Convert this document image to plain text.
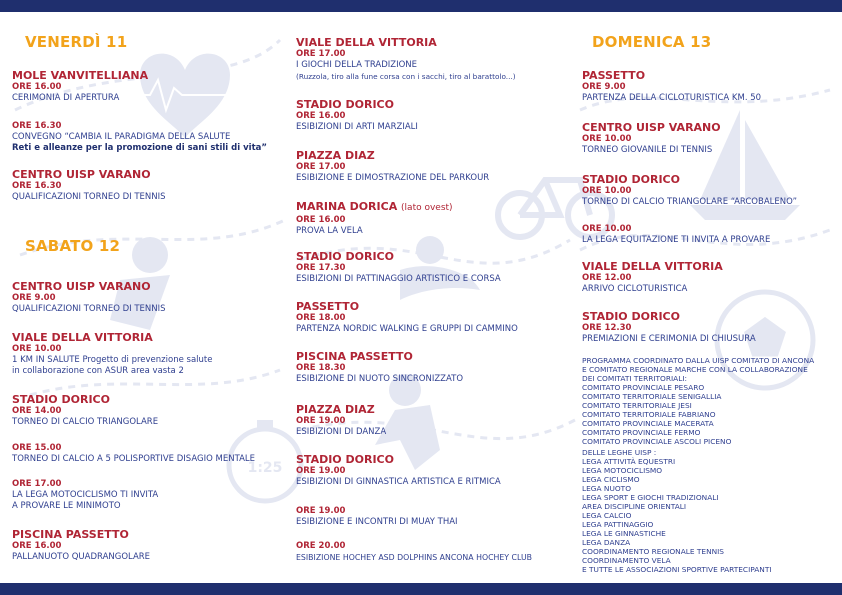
1:25
VENERDÌ 11
MOLE VANVITELLIANA
ORE 16.00
CERIMONIA DI APERTURA
ORE 16.30
CONVEGNO “CAMBIA IL PARADIGMA DELLA SALUTE
Reti e alleanze per la promozione di sani stili di vita”
CENTRO UISP VARANO
ORE 16.30
QUALIFICAZIONI TORNEO DI TENNIS
SABATO 12
CENTRO UISP VARANO
ORE 9.00
QUALIFICAZIONI TORNEO DI TENNIS
VIALE DELLA VITTORIA
ORE 10.00
1 KM IN SALUTE Progetto di prevenzione salute
in collaborazione con ASUR area vasta 2
STADIO DORICO
ORE 14.00
TORNEO DI CALCIO TRIANGOLARE
ORE 15.00
TORNEO DI CALCIO A 5 POLISPORTIVE DISAGIO MENTALE
ORE 17.00
LA LEGA MOTOCICLISMO TI INVITA
A PROVARE LE MINIMOTO
PISCINA PASSETTO
ORE 16.00
PALLANUOTO QUADRANGOLARE
VIALE DELLA VITTORIA
ORE 17.00
I GIOCHI DELLA TRADIZIONE
(Ruzzola, tiro alla fune corsa con i sacchi, tiro al barattolo...)
STADIO DORICO
ORE 16.00
ESIBIZIONI DI ARTI MARZIALI
PIAZZA DIAZ
ORE 17.00
ESIBIZIONE E DIMOSTRAZIONE DEL PARKOUR
MARINA DORICA (lato ovest)
ORE 16.00
PROVA LA VELA
STADIO DORICO
ORE 17.30
ESIBIZIONI DI PATTINAGGIO ARTISTICO E CORSA
PASSETTO
ORE 18.00
PARTENZA NORDIC WALKING E GRUPPI DI CAMMINO
PISCINA PASSETTO
ORE 18.30
ESIBIZIONE DI NUOTO SINCRONIZZATO
PIAZZA DIAZ
ORE 19.00
ESIBIZIONI DI DANZA
STADIO DORICO
ORE 19.00
ESIBIZIONI DI GINNASTICA ARTISTICA E RITMICA
ORE 19.00
ESIBIZIONE E INCONTRI DI MUAY THAI
ORE 20.00
ESIBIZIONE HOCHEY ASD DOLPHINS ANCONA HOCHEY CLUB
DOMENICA 13
PASSETTO
ORE 9.00
PARTENZA DELLA CICLOTURISTICA KM. 50
CENTRO UISP VARANO
ORE 10.00
TORNEO GIOVANILE DI TENNIS
STADIO DORICO
ORE 10.00
TORNEO DI CALCIO TRIANGOLARE “ARCOBALENO”
ORE 10.00
LA LEGA EQUITAZIONE TI INVITA A PROVARE
VIALE DELLA VITTORIA
ORE 12.00
ARRIVO CICLOTURISTICA
STADIO DORICO
ORE 12.30
PREMIAZIONI E CERIMONIA DI CHIUSURA
PROGRAMMA COORDINATO DALLA UISP COMITATO DI ANCONA
E COMITATO REGIONALE MARCHE CON LA COLLABORAZIONE
DEI COMITATI TERRITORIALI:
COMITATO PROVINCIALE PESARO
COMITATO TERRITORIALE SENIGALLIA
COMITATO TERRITORIALE JESI
COMITATO TERRITORIALE FABRIANO
COMITATO PROVINCIALE MACERATA
COMITATO PROVINCIALE FERMO
COMITATO PROVINCIALE ASCOLI PICENO
DELLE LEGHE UISP :
LEGA ATTIVITÀ EQUESTRI
LEGA MOTOCICLISMO
LEGA CICLISMO
LEGA NUOTO
LEGA SPORT E GIOCHI TRADIZIONALI
AREA DISCIPLINE ORIENTALI
LEGA CALCIO
LEGA PATTINAGGIO
LEGA LE GINNASTICHE
LEGA DANZA
COORDINAMENTO REGIONALE TENNIS
COORDINAMENTO VELA
E TUTTE LE ASSOCIAZIONI SPORTIVE PARTECIPANTI
